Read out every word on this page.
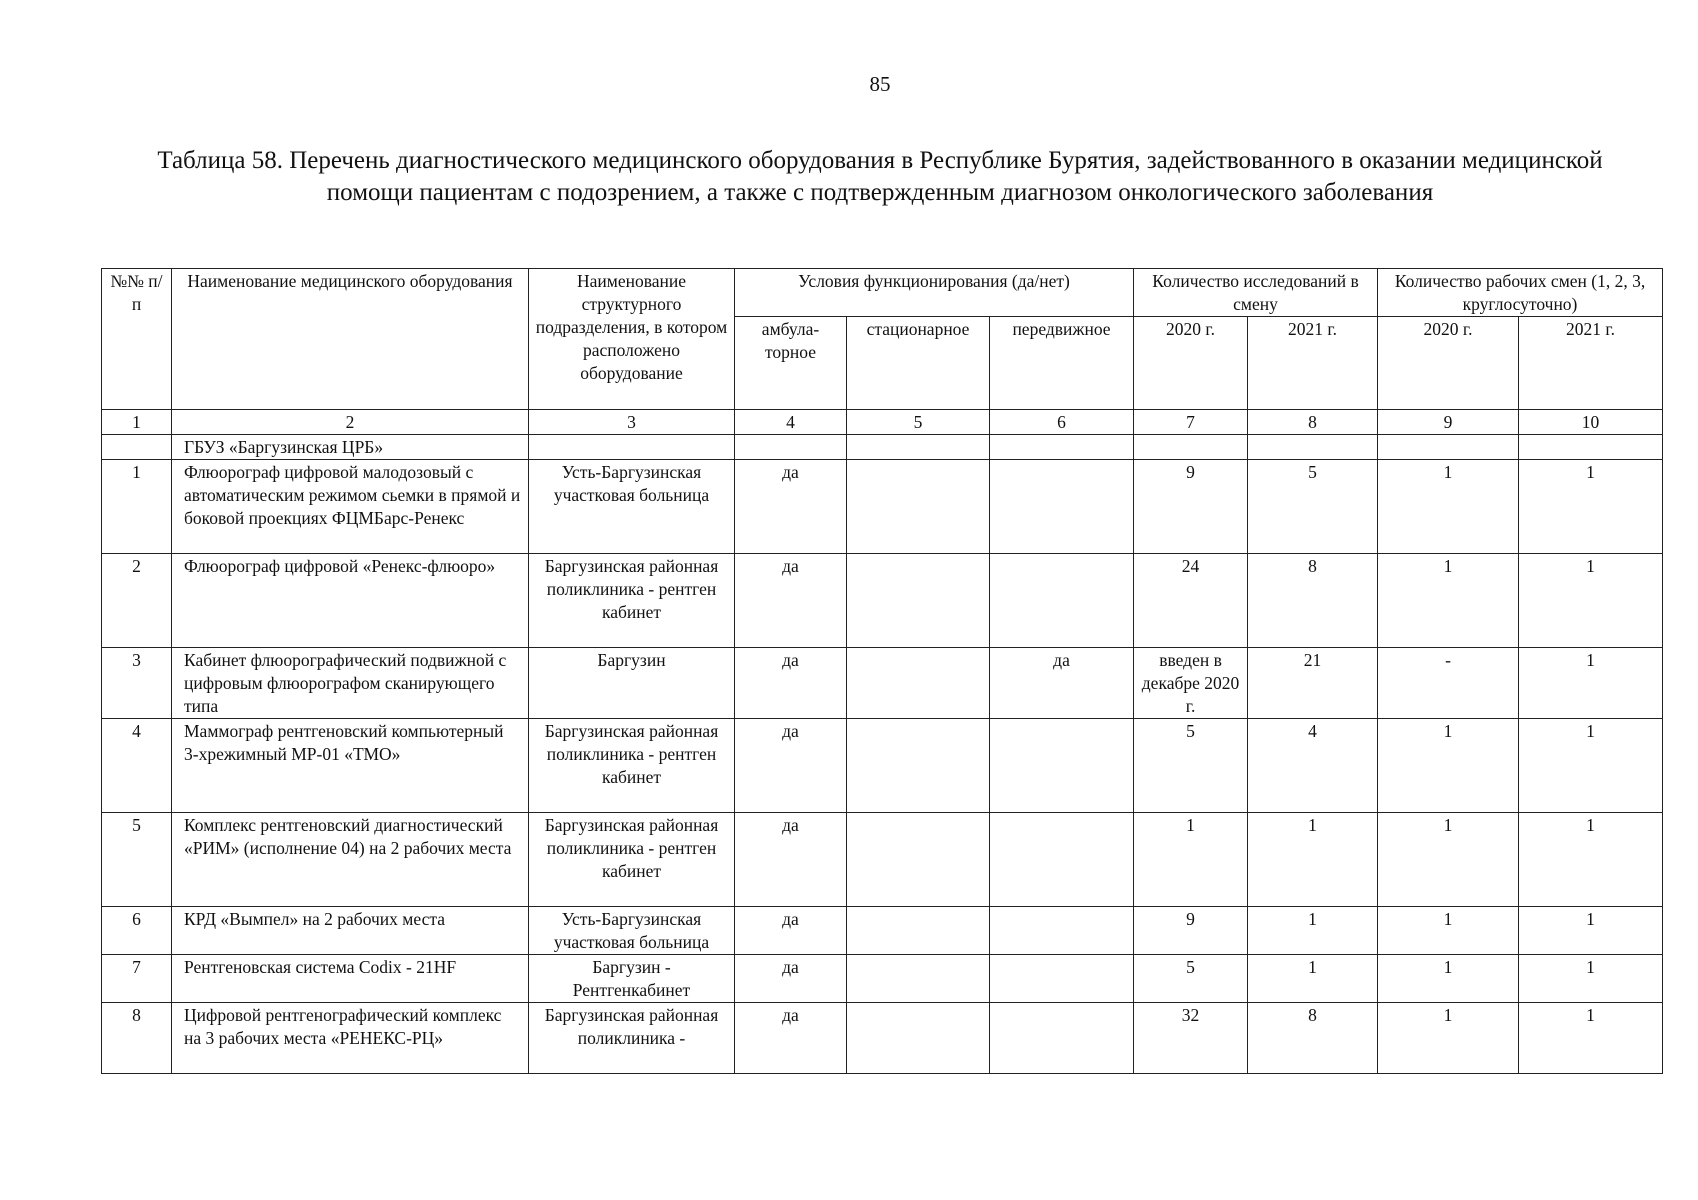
85
Таблица 58. Перечень диагностического медицинского оборудования в Республике Бурятия, задействованного в оказании медицинской помощи пациентам с подозрением, а также с подтвержденным диагнозом онкологического заболевания
№№ п/п	Наименование медицинского оборудования	Наименование структурного подразделения, в котором расположено оборудование	Условия функционирования (да/нет)			Количество исследований в смену		Количество рабочих смен (1, 2, 3, круглосуточно)	
			амбула-торное	стационарное	передвижное	2020 г.	2021 г.	2020 г.	2021 г.
1	2	3	4	5	6	7	8	9	10
	ГБУЗ «Баргузинская ЦРБ»								
1	Флюорограф цифровой малодозовый с автоматическим режимом сьемки в прямой и боковой проекциях ФЦМБарс-Ренекс	Усть-Баргузинская участковая больница	да			9	5	1	1
2	Флюорограф цифровой «Ренекс-флюоро»	Баргузинская районная поликлиника - рентген кабинет	да			24	8	1	1
3	Кабинет флюорографический подвижной с цифровым флюорографом сканирующего типа	Баргузин	да		да	введен в декабре 2020 г.	21	-	1
4	Маммограф рентгеновский компьютерный 3-хрежимный МР-01 «ТМО»	Баргузинская районная поликлиника - рентген кабинет	да			5	4	1	1
5	Комплекс рентгеновский диагностический «РИМ» (исполнение 04) на 2 рабочих места	Баргузинская районная поликлиника - рентген кабинет	да			1	1	1	1
6	КРД «Вымпел» на 2 рабочих места	Усть-Баргузинская участковая больница	да			9	1	1	1
7	Рентгеновская система Codix - 21HF	Баргузин - Рентгенкабинет	да			5	1	1	1
8	Цифровой рентгенографический комплекс на 3 рабочих места «РЕНЕКС-РЦ»	Баргузинская районная поликлиника -	да			32	8	1	1
